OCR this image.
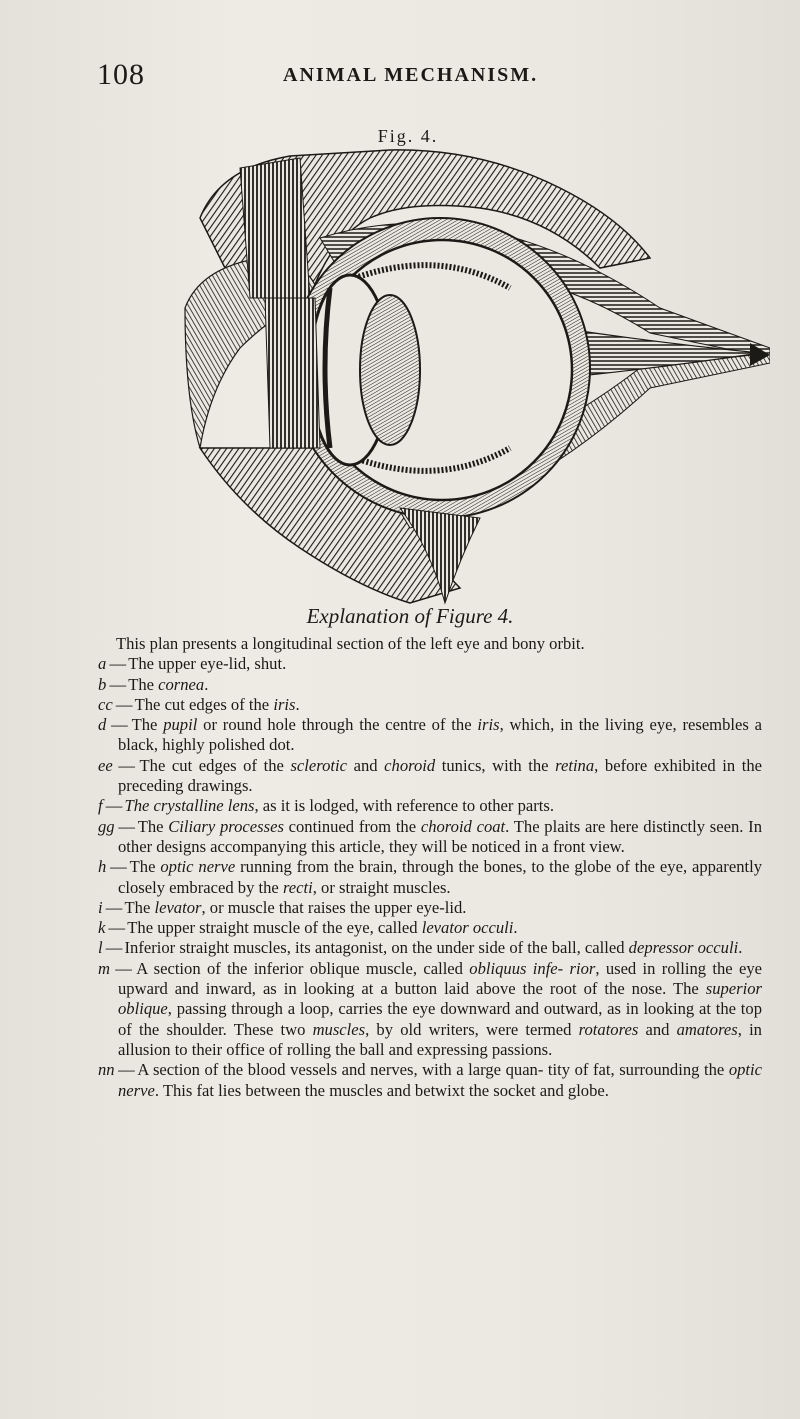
108	ANIMAL MECHANISM.
Fig. 4.
Explanation of Figure 4.

This plan presents a longitudinal section of the left eye and bony orbit.

a — The upper eye-lid, shut.

b — The cornea.

cc — The cut edges of the iris.

d — The pupil or round hole through the centre of the iris, which, in the living eye, resembles a black, highly polished dot.

ee — The cut edges of the sclerotic and choroid tunics, with the retina, before exhibited in the preceding drawings.

f — The crystalline lens, as it is lodged, with reference to other parts.

gg — The Ciliary processes continued from the choroid coat. The plaits are here distinctly seen. In other designs accompanying this article, they will be noticed in a front view.

h — The optic nerve running from the brain, through the bones, to the globe of the eye, apparently closely embraced by the recti, or straight muscles.

i — The levator, or muscle that raises the upper eye-lid.

k — The upper straight muscle of the eye, called levator occuli.

l — Inferior straight muscles, its antagonist, on the under side of the ball, called depressor occuli.

m — A section of the inferior oblique muscle, called obliquus infe- rior, used in rolling the eye upward and inward, as in looking at a button laid above the root of the nose. The superior oblique, passing through a loop, carries the eye downward and outward, as in looking at the top of the shoulder. These two muscles, by old writers, were termed rotatores and amatores, in allusion to their office of rolling the ball and expressing passions.

nn — A section of the blood vessels and nerves, with a large quan- tity of fat, surrounding the optic nerve. This fat lies between the muscles and betwixt the socket and globe.
